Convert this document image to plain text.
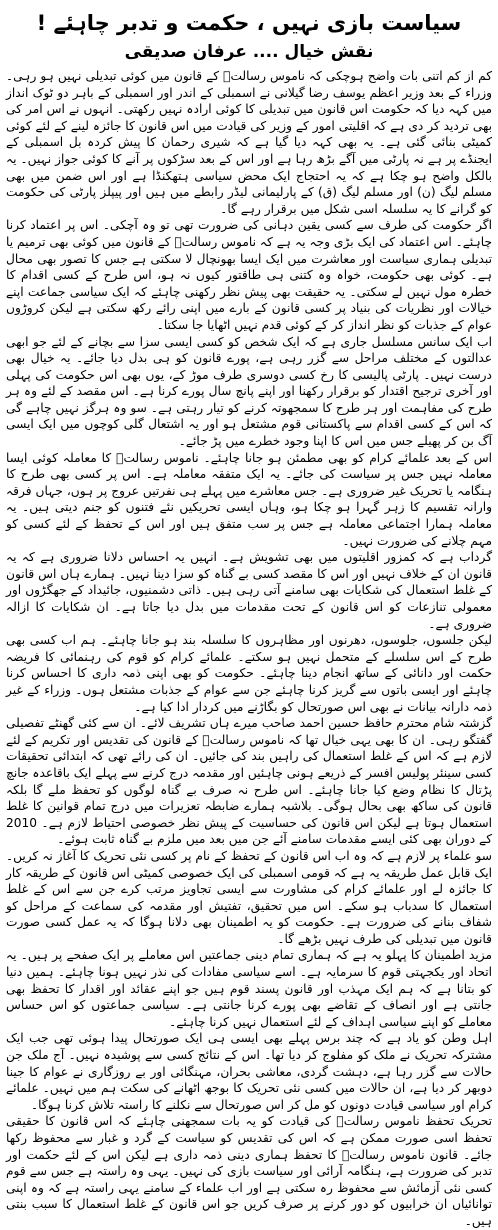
سیاست بازی نہیں ، حکمت و تدبر چاہئے !
نقش خیال .... عرفان صدیقی

کم از کم اتنی بات واضح ہوچکی کہ ناموس رسالتؐ کے قانون میں کوئی تبدیلی نہیں ہو رہی۔ وزراء کے بعد وزیر اعظم یوسف رضا گیلانی نے اسمبلی کے اندر اور اسمبلی کے باہر دو ٹوک انداز میں کہہ دیا کہ حکومت اس قانون میں تبدیلی کا کوئی ارادہ نہیں رکھتی۔ انہوں نے اس امر کی بھی تردید کر دی ہے کہ اقلیتی امور کے وزیر کی قیادت میں اس قانون کا جائزہ لینے کے لئے کوئی کمیٹی بنائی گئی ہے۔ یہ بھی کہہ دیا گیا ہے کہ شیری رحمان کا پیش کردہ بل اسمبلی کے ایجنڈے پر ہے نہ پارٹی میں آگے بڑھ رہا ہے اور اس کے بعد سڑکوں پر آنے کا کوئی جواز نہیں۔ یہ بالکل واضح ہو چکا ہے کہ یہ احتجاج ایک محض سیاسی ہتھکنڈا ہے اور اس ضمن میں بھی مسلم لیگ (ن) اور مسلم لیگ (ق) کے پارلیمانی لیڈر رابطے میں ہیں اور پیپلز پارٹی کی حکومت کو گرانے کا یہ سلسلہ اسی شکل میں برقرار رہے گا۔

اگر حکومت کی طرف سے کسی یقین دہانی کی ضرورت تھی تو وہ آچکی۔ اس پر اعتماد کرنا چاہئے۔ اس اعتماد کی ایک بڑی وجہ یہ ہے کہ ناموس رسالتؐ کے قانون میں کوئی بھی ترمیم یا تبدیلی ہماری سیاست اور معاشرت میں ایک ایسا بھونچال لا سکتی ہے جس کا تصور بھی محال ہے۔ کوئی بھی حکومت، خواہ وہ کتنی ہی طاقتور کیوں نہ ہو، اس طرح کے کسی اقدام کا خطرہ مول نہیں لے سکتی۔ یہ حقیقت بھی پیش نظر رکھنی چاہئے کہ ایک سیاسی جماعت اپنے خیالات اور نظریات کی بنیاد پر کسی قانون کے بارے میں اپنی رائے رکھ سکتی ہے لیکن کروڑوں عوام کے جذبات کو نظر انداز کر کے کوئی قدم نہیں اٹھایا جا سکتا۔

اب ایک سانس مسلسل جاری ہے کہ ایک شخص کو کسی ایسی سزا سے بچانے کے لئے جو ابھی عدالتوں کے مختلف مراحل سے گزر رہی ہے، پورے قانون کو ہی بدل دیا جائے۔ یہ خیال بھی درست نہیں۔ پارٹی پالیسی کا رخ کسی دوسری طرف موڑ کے، یوں بھی اس حکومت کی پہلی اور آخری ترجیح اقتدار کو برقرار رکھنا اور اپنے پانچ سال پورے کرنا ہے۔ اس مقصد کے لئے وہ ہر طرح کی مفاہمت اور ہر طرح کا سمجھوتہ کرنے کو تیار رہتی ہے۔ سو وہ ہرگز نہیں چاہے گی کہ اس کے کسی اقدام سے پاکستانی قوم مشتعل ہو اور یہ اشتعال گلی کوچوں میں ایک ایسی آگ بن کر پھیلے جس میں اس کا اپنا وجود خطرے میں پڑ جائے۔

اس کے بعد علمائے کرام کو بھی مطمئن ہو جانا چاہئے۔ ناموس رسالتؐ کا معاملہ کوئی ایسا معاملہ نہیں جس پر سیاست کی جائے۔ یہ ایک متفقہ معاملہ ہے۔ اس پر کسی بھی طرح کا ہنگامہ یا تحریک غیر ضروری ہے۔ جس معاشرے میں پہلے ہی نفرتیں عروج پر ہوں، جہاں فرقہ وارانہ تقسیم کا زہر گہرا ہو چکا ہو، وہاں ایسی تحریکیں نئے فتنوں کو جنم دیتی ہیں۔ یہ معاملہ ہمارا اجتماعی معاملہ ہے جس پر سب متفق ہیں اور اس کے تحفظ کے لئے کسی کو مہم چلانے کی ضرورت نہیں۔

گرداب ہے کہ کمزور اقلیتوں میں بھی تشویش ہے۔ انہیں یہ احساس دلانا ضروری ہے کہ یہ قانون ان کے خلاف نہیں اور اس کا مقصد کسی بے گناہ کو سزا دینا نہیں۔ ہمارے ہاں اس قانون کے غلط استعمال کی شکایات بھی سامنے آتی رہی ہیں۔ ذاتی دشمنیوں، جائیداد کے جھگڑوں اور معمولی تنازعات کو اس قانون کے تحت مقدمات میں بدل دیا جاتا ہے۔ ان شکایات کا ازالہ ضروری ہے۔

لیکن جلسوں، جلوسوں، دھرنوں اور مظاہروں کا سلسلہ بند ہو جانا چاہئے۔ ہم اب کسی بھی طرح کے اس سلسلے کے متحمل نہیں ہو سکتے۔ علمائے کرام کو قوم کی رہنمائی کا فریضہ حکمت اور دانائی کے ساتھ انجام دینا چاہئے۔ حکومت کو بھی اپنی ذمہ داری کا احساس کرنا چاہئے اور ایسی باتوں سے گریز کرنا چاہئے جن سے عوام کے جذبات مشتعل ہوں۔ وزراء کے غیر ذمہ دارانہ بیانات نے بھی اس صورتحال کو بگاڑنے میں کردار ادا کیا ہے۔

گزشتہ شام محترم حافظ حسین احمد صاحب میرے ہاں تشریف لائے۔ ان سے کئی گھنٹے تفصیلی گفتگو رہی۔ ان کا بھی یہی خیال تھا کہ ناموس رسالتؐ کے قانون کی تقدیس اور تکریم کے لئے لازم ہے کہ اس کے غلط استعمال کی راہیں بند کی جائیں۔ ان کی رائے تھی کہ ابتدائی تحقیقات کسی سینئر پولیس افسر کے ذریعے ہونی چاہئیں اور مقدمہ درج کرنے سے پہلے ایک باقاعدہ جانچ پڑتال کا نظام وضع کیا جانا چاہئے۔ اس طرح نہ صرف بے گناہ لوگوں کو تحفظ ملے گا بلکہ قانون کی ساکھ بھی بحال ہوگی۔ بلاشبہ ہمارے ضابطہ تعزیرات میں درج تمام قوانین کا غلط استعمال ہوتا ہے لیکن اس قانون کی حساسیت کے پیش نظر خصوصی احتیاط لازم ہے۔ 2010 کے دوران بھی کئی ایسے مقدمات سامنے آئے جن میں بعد میں ملزم بے گناہ ثابت ہوئے۔

سو علماء پر لازم ہے کہ وہ اب اس قانون کے تحفظ کے نام پر کسی نئی تحریک کا آغاز نہ کریں۔ ایک قابل عمل طریقہ یہ ہے کہ قومی اسمبلی کی ایک خصوصی کمیٹی اس قانون کے طریقہ کار کا جائزہ لے اور علمائے کرام کی مشاورت سے ایسی تجاویز مرتب کرے جن سے اس کے غلط استعمال کا سدباب ہو سکے۔ اس میں تحقیق، تفتیش اور مقدمہ کی سماعت کے مراحل کو شفاف بنانے کی ضرورت ہے۔ حکومت کو یہ اطمینان بھی دلانا ہوگا کہ یہ عمل کسی صورت قانون میں تبدیلی کی طرف نہیں بڑھے گا۔

مزید اطمینان کا پہلو یہ ہے کہ ہماری تمام دینی جماعتیں اس معاملے پر ایک صفحے پر ہیں۔ یہ اتحاد اور یکجہتی قوم کا سرمایہ ہے۔ اسے سیاسی مفادات کی نذر نہیں ہونا چاہئے۔ ہمیں دنیا کو بتانا ہے کہ ہم ایک مہذب اور قانون پسند قوم ہیں جو اپنے عقائد اور اقدار کا تحفظ بھی جانتی ہے اور انصاف کے تقاضے بھی پورے کرنا جانتی ہے۔ سیاسی جماعتوں کو اس حساس معاملے کو اپنے سیاسی اہداف کے لئے استعمال نہیں کرنا چاہئے۔

اہل وطن کو یاد ہے کہ چند برس پہلے بھی ایسی ہی ایک صورتحال پیدا ہوئی تھی جب ایک مشترکہ تحریک نے ملک کو مفلوج کر دیا تھا۔ اس کے نتائج کسی سے پوشیدہ نہیں۔ آج ملک جن حالات سے گزر رہا ہے، دہشت گردی، معاشی بحران، مہنگائی اور بے روزگاری نے عوام کا جینا دوبھر کر دیا ہے، ان حالات میں کسی نئی تحریک کا بوجھ اٹھانے کی سکت ہم میں نہیں۔ علمائے کرام اور سیاسی قیادت دونوں کو مل کر اس صورتحال سے نکلنے کا راستہ تلاش کرنا ہوگا۔

تحریک تحفظ ناموس رسالتؐ کی قیادت کو یہ بات سمجھنی چاہئے کہ اس قانون کا حقیقی تحفظ اسی صورت ممکن ہے کہ اس کی تقدیس کو سیاست کے گرد و غبار سے محفوظ رکھا جائے۔ قانون ناموس رسالتؐ کا تحفظ ہماری دینی ذمہ داری ہے لیکن اس کے لئے حکمت اور تدبر کی ضرورت ہے، ہنگامہ آرائی اور سیاست بازی کی نہیں۔ یہی وہ راستہ ہے جس سے قوم کسی نئی آزمائش سے محفوظ رہ سکتی ہے اور اب علماء کے سامنے یہی راستہ ہے کہ وہ اپنی توانائیاں ان خرابیوں کو دور کرنے پر صرف کریں جو اس قانون کے غلط استعمال کا سبب بنتی ہیں۔
